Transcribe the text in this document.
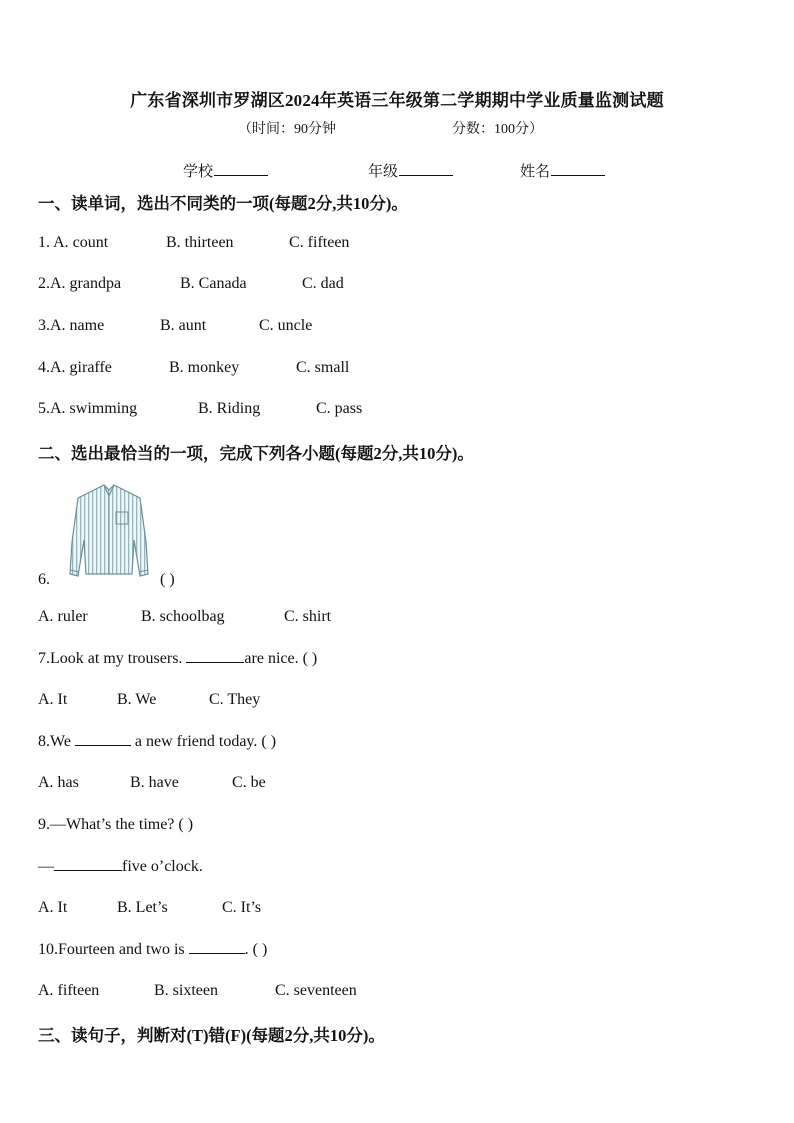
广东省深圳市罗湖区2024年英语三年级第二学期期中学业质量监测试题
（时间：90分钟	分数：100分）
学校	年级	姓名
一、读单词，选出不同类的一项(每题2分,共10分)。
1. A. count	B. thirteen	C. fifteen
2.A. grandpa	B. Canada	C. dad
3.A. name	B. aunt	C. uncle
4.A. giraffe	B. monkey	C. small
5.A. swimming	B. Riding	C. pass
二、选出最恰当的一项，完成下列各小题(每题2分,共10分)。
6.	( )
A. ruler	B. schoolbag	C. shirt
7.Look at my trousers.	are nice. ( )
A. It	B. We	C. They
8.We	a new friend today. ( )
A. has	B. have	C. be
9.—What’s the time? ( )
—	five o’clock.
A. It	B. Let’s	C. It’s
10.Fourteen and two is	. ( )
A. fifteen	B. sixteen	C. seventeen
三、读句子，判断对(T)错(F)(每题2分,共10分)。
